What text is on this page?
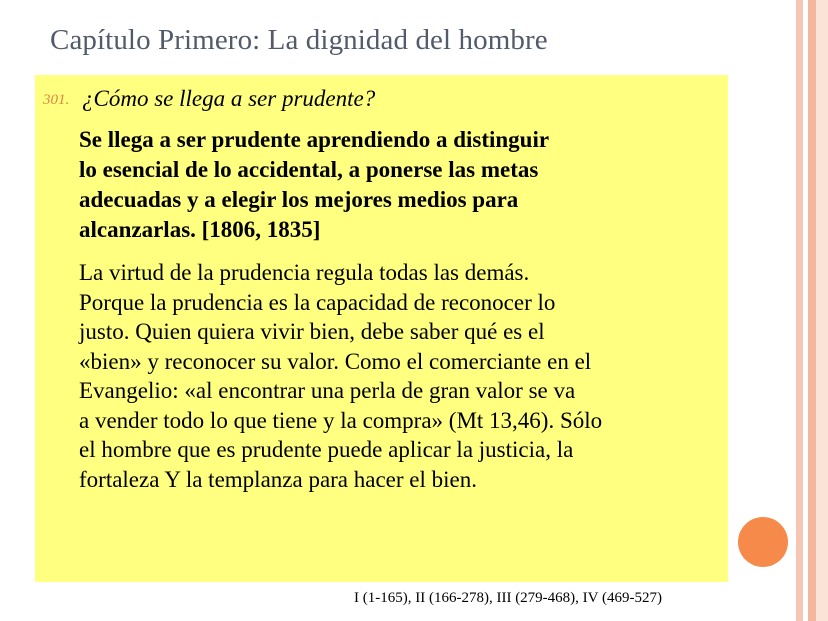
Capítulo Primero: La dignidad del hombre
301. ¿Cómo se llega a ser prudente?
Se llega a ser prudente aprendiendo a distinguir
lo esencial de lo accidental, a ponerse las metas
adecuadas y a elegir los mejores medios para
alcanzarlas. [1806, 1835]
La virtud de la prudencia regula todas las demás.
Porque la prudencia es la capacidad de reconocer lo
justo. Quien quiera vivir bien, debe saber qué es el
«bien» y reconocer su valor. Como el comerciante en el
Evangelio: «al encontrar una perla de gran valor se va
a vender todo lo que tiene y la compra» (Mt 13,46). Sólo
el hombre que es prudente puede aplicar la justicia, la
fortaleza Y la templanza para hacer el bien.
I (1-165), II (166-278), III (279-468), IV (469-527)
